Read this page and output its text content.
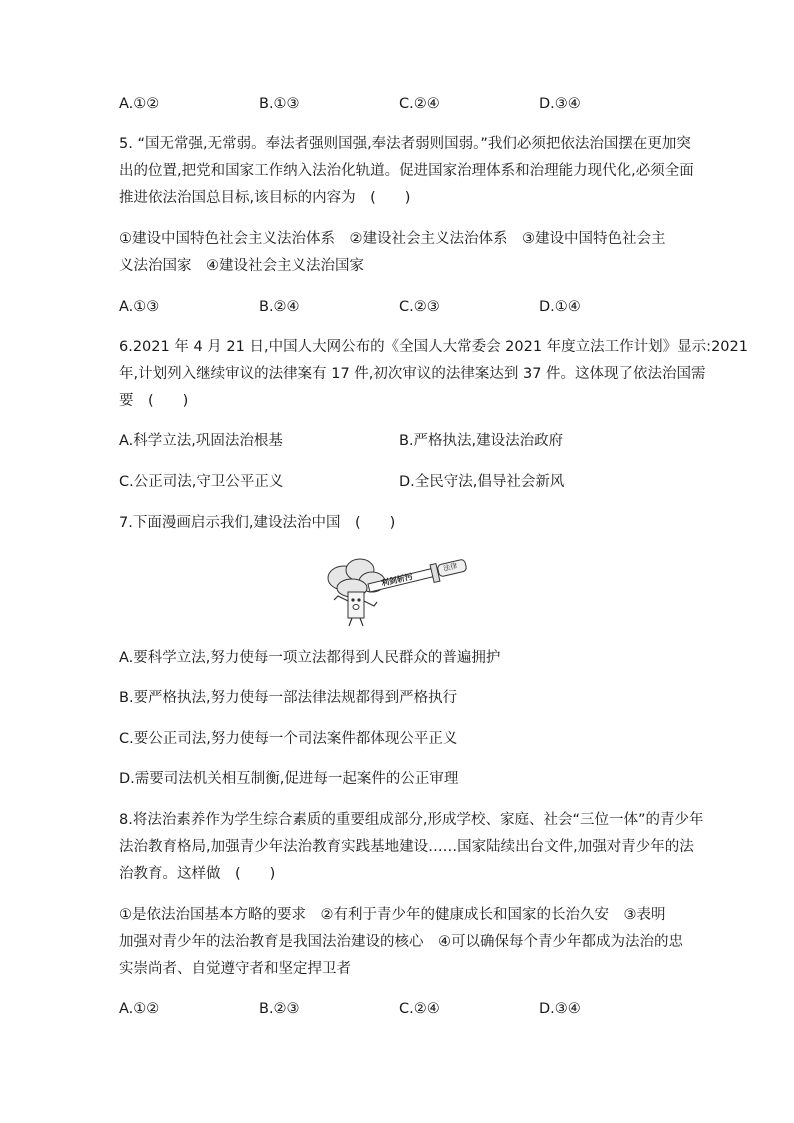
A.①②	B.①③	C.②④	D.③④
5. “国无常强,无常弱。奉法者强则国强,奉法者弱则国弱。”我们必须把依法治国摆在更加突
出的位置,把党和国家工作纳入法治化轨道。促进国家治理体系和治理能力现代化,必须全面
推进依法治国总目标,该目标的内容为　(　　)
①建设中国特色社会主义法治体系　②建设社会主义法治体系　③建设中国特色社会主
义法治国家　④建设社会主义法治国家
A.①③	B.②④	C.②③	D.①④
6.2021 年 4 月 21 日,中国人大网公布的《全国人大常委会 2021 年度立法工作计划》显示:2021
年,计划列入继续审议的法律案有 17 件,初次审议的法律案达到 37 件。这体现了依法治国需
要　(　　)
A.科学立法,巩固法治根基	B.严格执法,建设法治政府
C.公正司法,守卫公平正义	D.全民守法,倡导社会新风
7.下面漫画启示我们,建设法治中国　(　　)
利剑斩污
法律
A.要科学立法,努力使每一项立法都得到人民群众的普遍拥护
B.要严格执法,努力使每一部法律法规都得到严格执行
C.要公正司法,努力使每一个司法案件都体现公平正义
D.需要司法机关相互制衡,促进每一起案件的公正审理
8.将法治素养作为学生综合素质的重要组成部分,形成学校、家庭、社会“三位一体”的青少年
法治教育格局,加强青少年法治教育实践基地建设……国家陆续出台文件,加强对青少年的法
治教育。这样做　(　　)
①是依法治国基本方略的要求　②有利于青少年的健康成长和国家的长治久安　③表明
加强对青少年的法治教育是我国法治建设的核心　④可以确保每个青少年都成为法治的忠
实崇尚者、自觉遵守者和坚定捍卫者
A.①②	B.②③	C.②④	D.③④
